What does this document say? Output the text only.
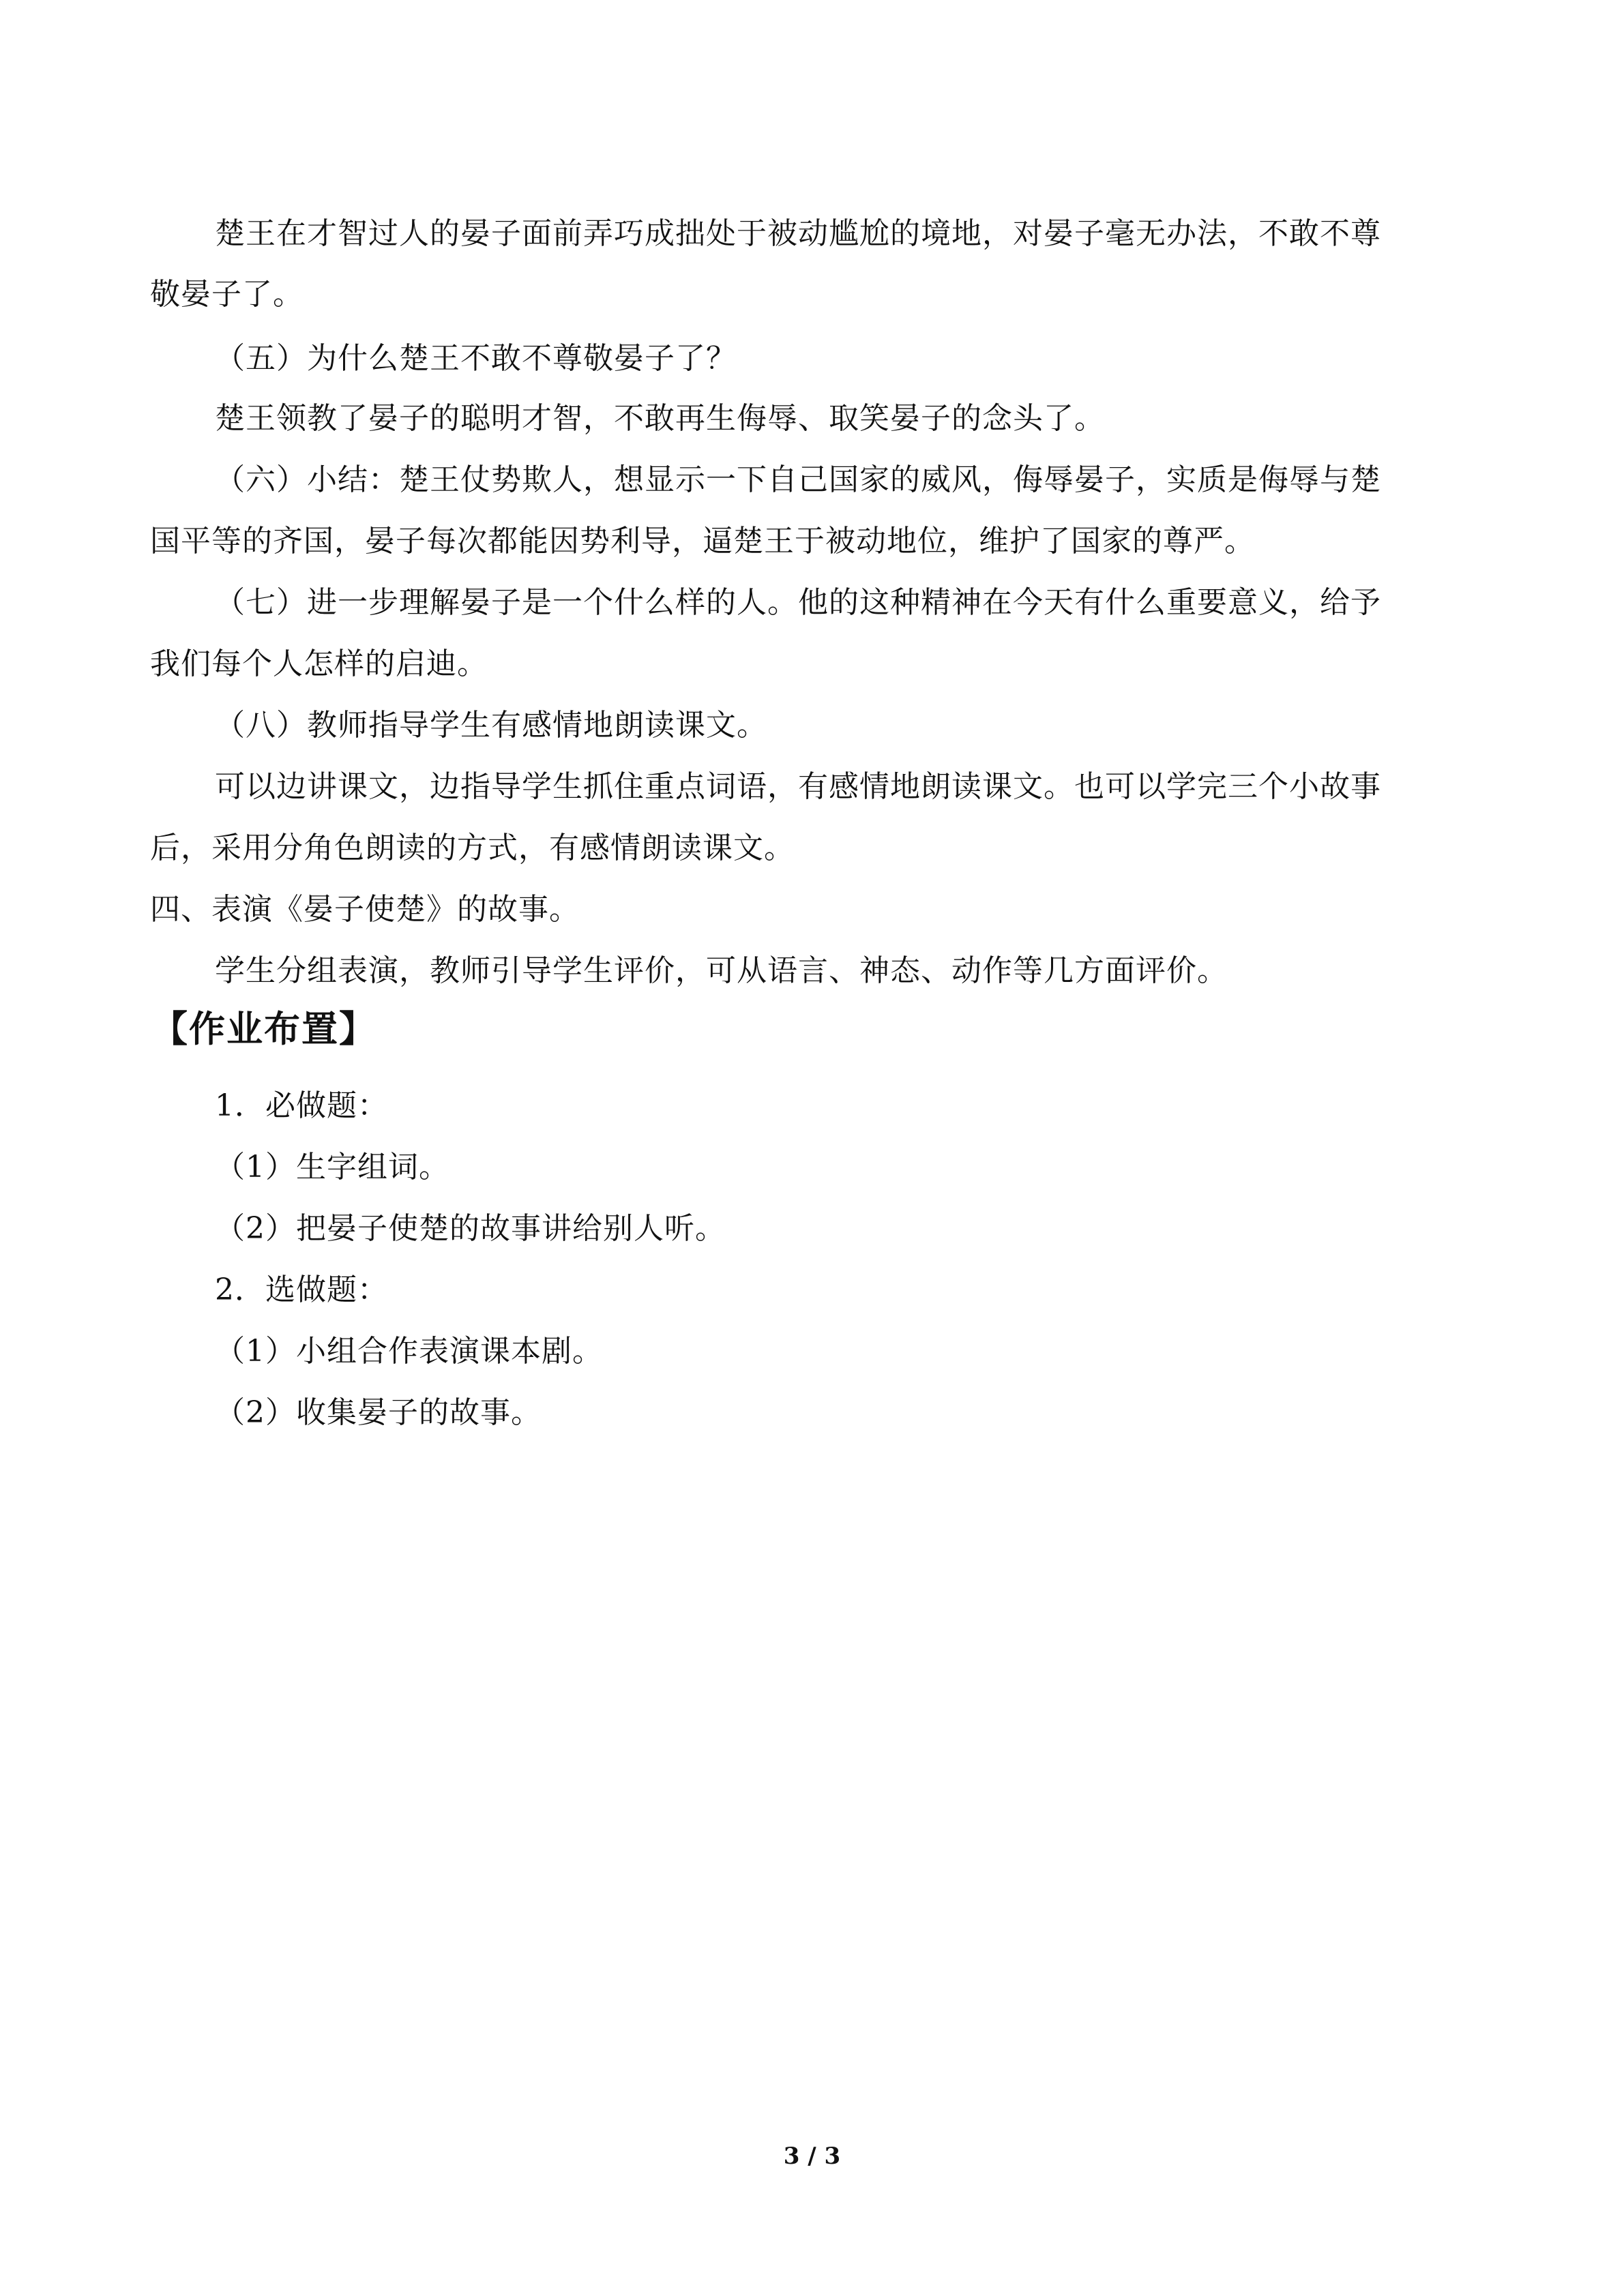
楚王在才智过人的晏子面前弄巧成拙处于被动尴尬的境地，对晏子毫无办法，不敢不尊
敬晏子了。
（五）为什么楚王不敢不尊敬晏子了？
楚王领教了晏子的聪明才智，不敢再生侮辱、取笑晏子的念头了。
（六）小结：楚王仗势欺人，想显示一下自己国家的威风，侮辱晏子，实质是侮辱与楚
国平等的齐国，晏子每次都能因势利导，逼楚王于被动地位，维护了国家的尊严。
（七）进一步理解晏子是一个什么样的人。他的这种精神在今天有什么重要意义，给予
我们每个人怎样的启迪。
（八）教师指导学生有感情地朗读课文。
可以边讲课文，边指导学生抓住重点词语，有感情地朗读课文。也可以学完三个小故事
后，采用分角色朗读的方式，有感情朗读课文。
四、表演《晏子使楚》的故事。
学生分组表演，教师引导学生评价，可从语言、神态、动作等几方面评价。
【作业布置】
1．必做题：
（1）生字组词。
（2）把晏子使楚的故事讲给别人听。
2．选做题：
（1）小组合作表演课本剧。
（2）收集晏子的故事。
3 / 3
